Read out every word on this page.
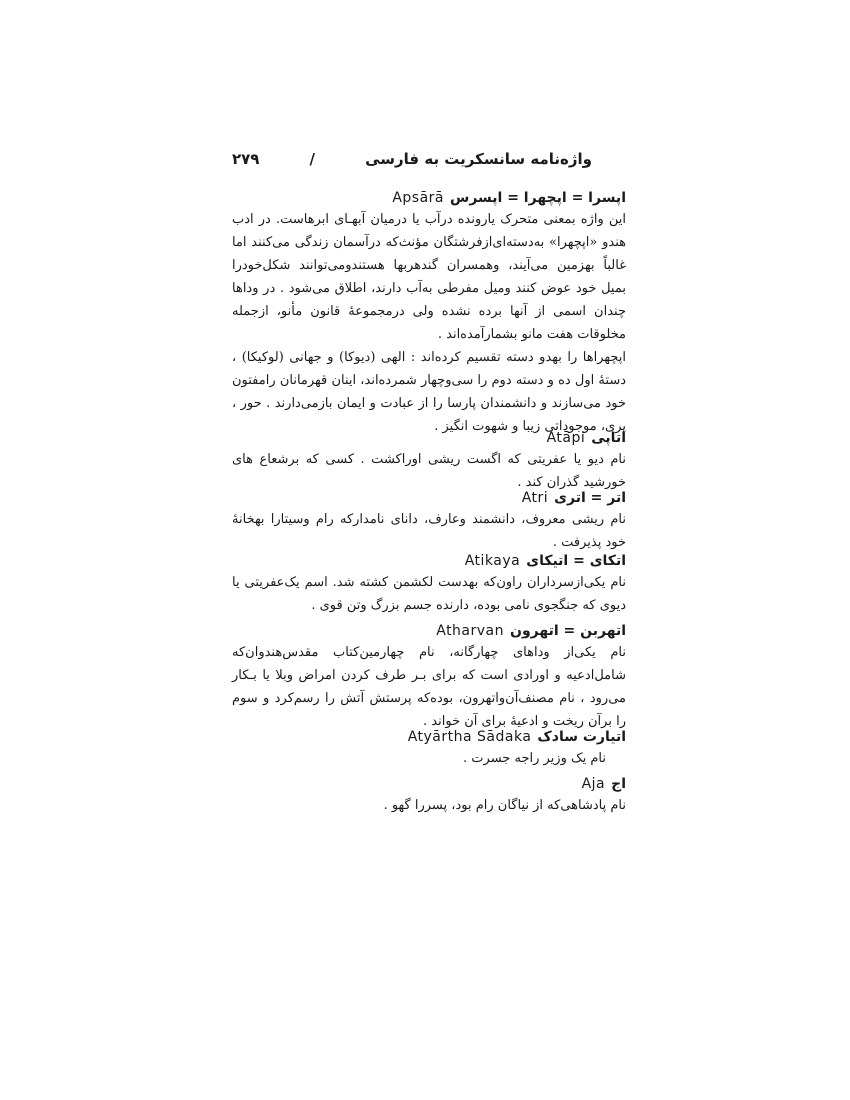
۲۷۹	/	واژه‌نامه سانسکریت به فارسی
اپسرا = اپچهرا = اپسرسApsārā

این واژه بمعنی متحرک یارونده درآب یا درمیان آبهـای ابرهاست. در ادب هندو «اپچهرا» به‌دسته‌ای‌ازفرشتگان مؤنث‌که درآسمان زندگی می‌کنند اما غالباً بهزمین می‌آیند، وهمسران گندهربها هستندومی‌توانند شکل‌خودرا بمیل خود عوض کنند ومیل مفرطی به‌آب دارند، اطلاق می‌شود . در وداها چندان اسمی از آنها برده نشده ولی درمجموعهٔ قانون مأنو، ازجمله مخلوقات هفت مانو بشمارآمده‌اند .

اپچهراها را بهدو دسته تقسیم کرده‌اند : الهی (دیوکا) و جهانی (لوکیکا) ، دستهٔ اول ده و دسته دوم را سی‌وچهار شمرده‌اند، اینان قهرمانان رامفتون خود می‌سازند و دانشمندان پارسا را از عبادت و ایمان بازمی‌دارند . حور ، پری، موجوداتی زیبا و شهوت انگیز .

اتاپیAtāpi

نام دیو یا عفریتی که اگست ریشی اوراکشت . کسی که برشعاع های خورشید گذران کند .

اتر = اتریAtri

نام ریشی معروف، دانشمند وعارف، دانای نامدارکه رام وسیتارا بهخانهٔ خود پذیرفت .

اتکای = اتیکایAtikaya

نام یکی‌ازسرداران راون‌که بهدست لکشمن کشته شد. اسم یک‌عفریتی یا دیوی که جنگجوی نامی بوده، دارنده جسم بزرگ وتن قوی .

اتهربن = اتهرونAtharvan

نام یکی‌از وداهای چهارگانه، نام چهارمین‌کتاب مقدس‌هندوان‌که شامل‌ادعیه و اورادی است که برای بـر طرف کردن امراض وبلا یا بـکار می‌رود ، نام مصنف‌آن‌واتهرون، بوده‌که پرستش آتش را رسم‌کرد و سوم را برآن ریخت و ادعیهٔ برای آن خواند .

اتیارت سادکAtyārtha Sādaka

نام یک وزیر راجه جسرت .

اجAja

نام پادشاهی‌که از نیاگان رام بود، پسررا گهو .
